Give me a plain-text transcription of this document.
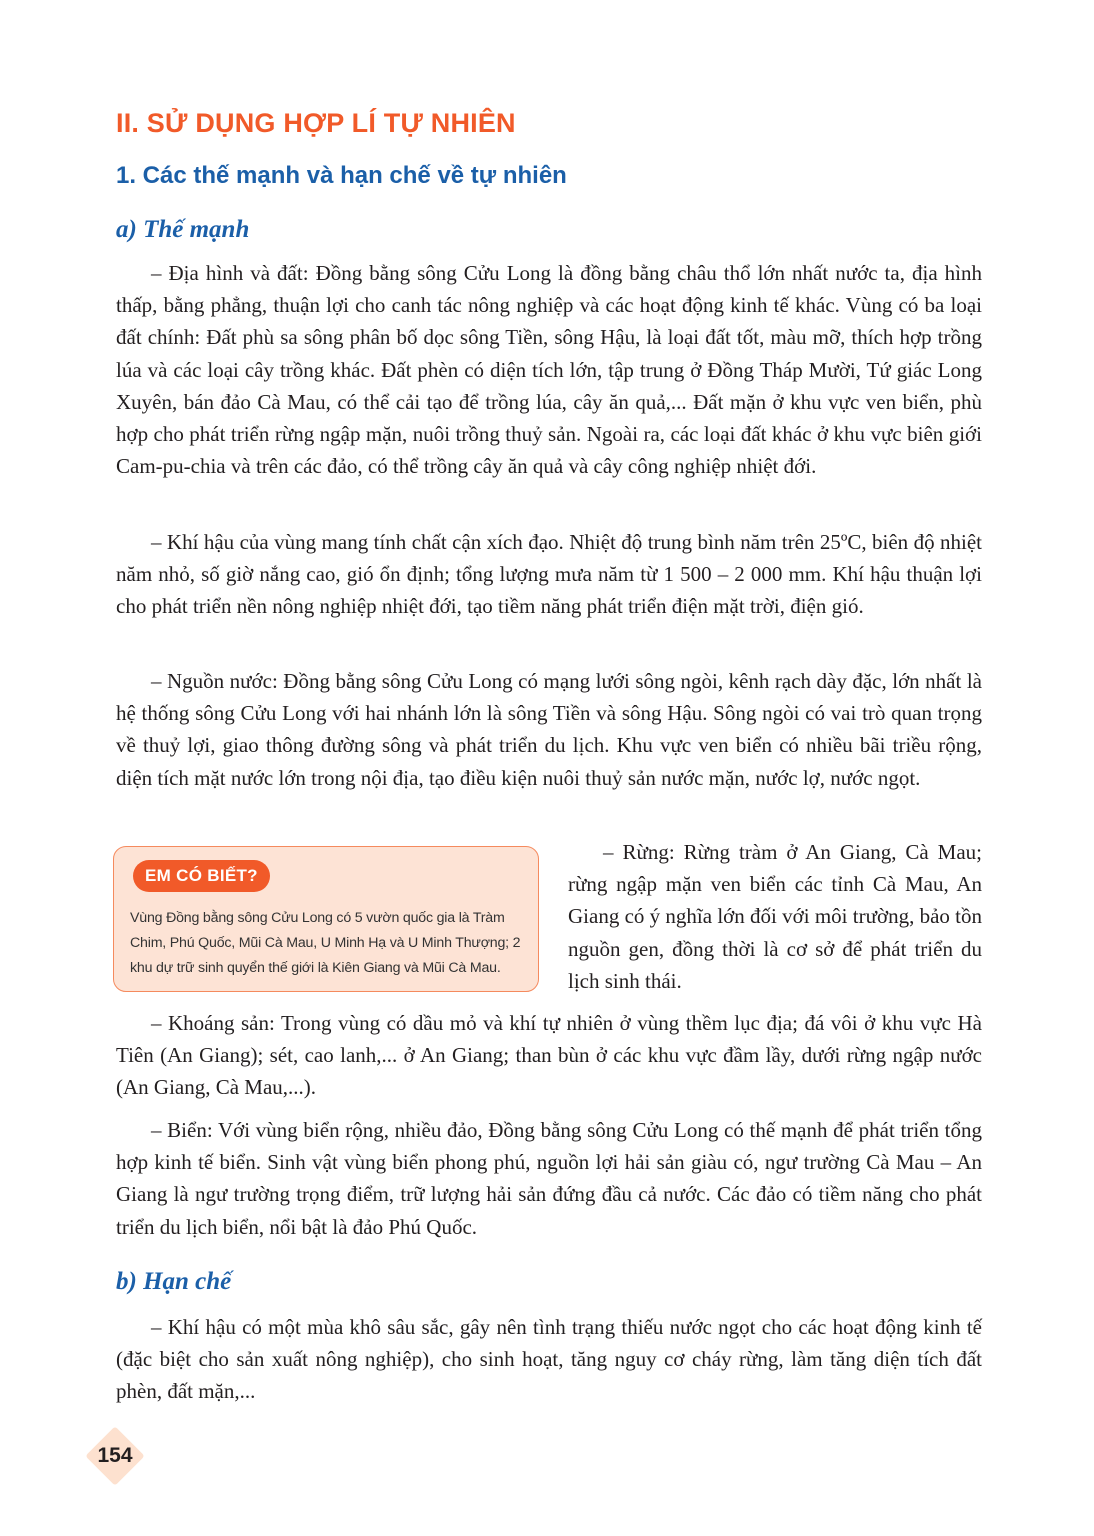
II. SỬ DỤNG HỢP LÍ TỰ NHIÊN
1. Các thế mạnh và hạn chế về tự nhiên
a) Thế mạnh

– Địa hình và đất: Đồng bằng sông Cửu Long là đồng bằng châu thổ lớn nhất nước ta, địa hình thấp, bằng phẳng, thuận lợi cho canh tác nông nghiệp và các hoạt động kinh tế khác. Vùng có ba loại đất chính: Đất phù sa sông phân bố dọc sông Tiền, sông Hậu, là loại đất tốt, màu mỡ, thích hợp trồng lúa và các loại cây trồng khác. Đất phèn có diện tích lớn, tập trung ở Đồng Tháp Mười, Tứ giác Long Xuyên, bán đảo Cà Mau, có thể cải tạo để trồng lúa, cây ăn quả,... Đất mặn ở khu vực ven biển, phù hợp cho phát triển rừng ngập mặn, nuôi trồng thuỷ sản. Ngoài ra, các loại đất khác ở khu vực biên giới Cam-pu-chia và trên các đảo, có thể trồng cây ăn quả và cây công nghiệp nhiệt đới.

– Khí hậu của vùng mang tính chất cận xích đạo. Nhiệt độ trung bình năm trên 25ºC, biên độ nhiệt năm nhỏ, số giờ nắng cao, gió ổn định; tổng lượng mưa năm từ 1 500 – 2 000 mm. Khí hậu thuận lợi cho phát triển nền nông nghiệp nhiệt đới, tạo tiềm năng phát triển điện mặt trời, điện gió.

– Nguồn nước: Đồng bằng sông Cửu Long có mạng lưới sông ngòi, kênh rạch dày đặc, lớn nhất là hệ thống sông Cửu Long với hai nhánh lớn là sông Tiền và sông Hậu. Sông ngòi có vai trò quan trọng về thuỷ lợi, giao thông đường sông và phát triển du lịch. Khu vực ven biển có nhiều bãi triều rộng, diện tích mặt nước lớn trong nội địa, tạo điều kiện nuôi thuỷ sản nước mặn, nước lợ, nước ngọt.

EM CÓ BIẾT?

Vùng Đồng bằng sông Cửu Long có 5 vườn quốc gia là Tràm Chim, Phú Quốc, Mũi Cà Mau, U Minh Hạ và U Minh Thượng; 2 khu dự trữ sinh quyển thế giới là Kiên Giang và Mũi Cà Mau.

– Rừng: Rừng tràm ở An Giang, Cà Mau; rừng ngập mặn ven biển các tỉnh Cà Mau, An Giang có ý nghĩa lớn đối với môi trường, bảo tồn nguồn gen, đồng thời là cơ sở để phát triển du lịch sinh thái.

– Khoáng sản: Trong vùng có dầu mỏ và khí tự nhiên ở vùng thềm lục địa; đá vôi ở khu vực Hà Tiên (An Giang); sét, cao lanh,... ở An Giang; than bùn ở các khu vực đầm lầy, dưới rừng ngập nước (An Giang, Cà Mau,...).

– Biển: Với vùng biển rộng, nhiều đảo, Đồng bằng sông Cửu Long có thế mạnh để phát triển tổng hợp kinh tế biển. Sinh vật vùng biển phong phú, nguồn lợi hải sản giàu có, ngư trường Cà Mau – An Giang là ngư trường trọng điểm, trữ lượng hải sản đứng đầu cả nước. Các đảo có tiềm năng cho phát triển du lịch biển, nổi bật là đảo Phú Quốc.

b) Hạn chế

– Khí hậu có một mùa khô sâu sắc, gây nên tình trạng thiếu nước ngọt cho các hoạt động kinh tế (đặc biệt cho sản xuất nông nghiệp), cho sinh hoạt, tăng nguy cơ cháy rừng, làm tăng diện tích đất phèn, đất mặn,...

154
